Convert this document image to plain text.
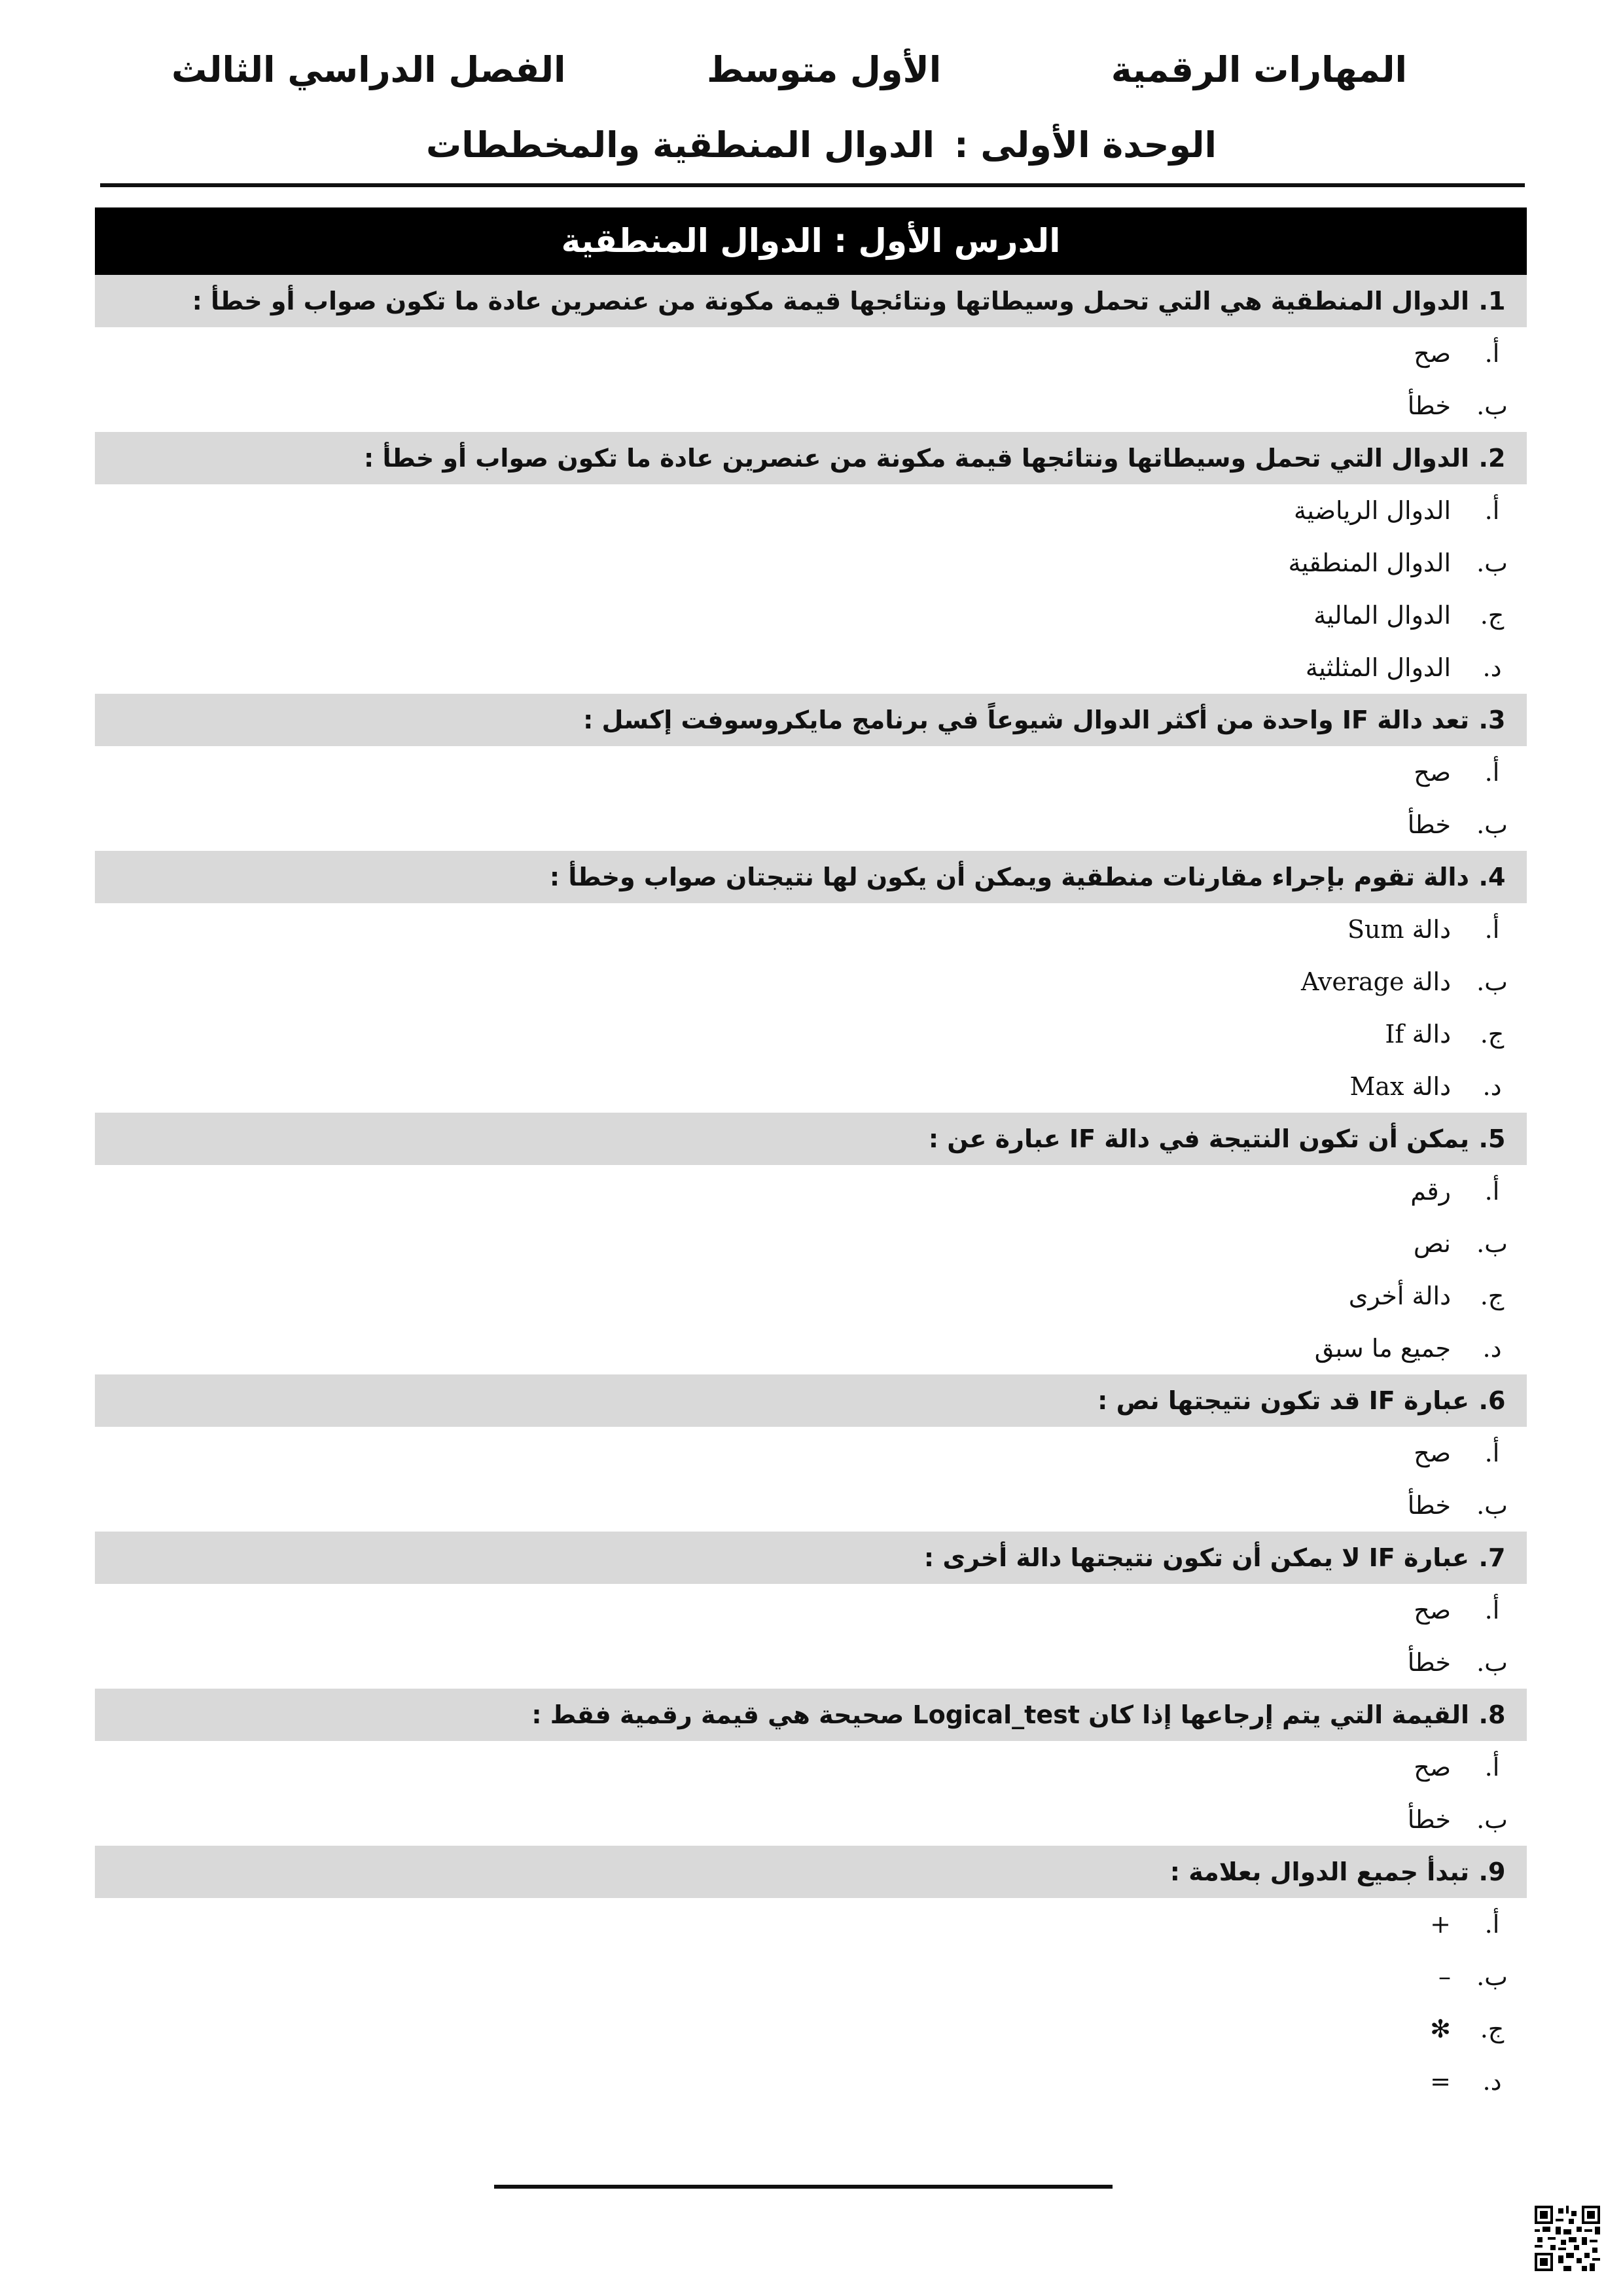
المهارات الرقمية
الأول متوسط
الفصل الدراسي الثالث
الوحدة الأولى :الدوال المنطقية والمخططات
الدرس الأول : الدوال المنطقية
1.
الدوال المنطقية هي التي تحمل وسيطاتها ونتائجها قيمة مكونة من عنصرين عادة ما تكون صواب أو خطأ :
أ.
صح
ب.
خطأ
2.
الدوال التي تحمل وسيطاتها ونتائجها قيمة مكونة من عنصرين عادة ما تكون صواب أو خطأ :
أ.
الدوال الرياضية
ب.
الدوال المنطقية
ج.
الدوال المالية
د.
الدوال المثلثية
3.
تعد دالة IF واحدة من أكثر الدوال شيوعاً في برنامج مايكروسوفت إكسل :
أ.
صح
ب.
خطأ
4.
دالة تقوم بإجراء مقارنات منطقية ويمكن أن يكون لها نتيجتان صواب وخطأ :
أ.
دالة Sum
ب.
دالة Average
ج.
دالة If
د.
دالة Max
5.
يمكن أن تكون النتيجة في دالة IF عبارة عن :
أ.
رقم
ب.
نص
ج.
دالة أخرى
د.
جميع ما سبق
6.
عبارة IF قد تكون نتيجتها نص :
أ.
صح
ب.
خطأ
7.
عبارة IF لا يمكن أن تكون نتيجتها دالة أخرى :
أ.
صح
ب.
خطأ
8.
القيمة التي يتم إرجاعها إذا كان Logical_test صحيحة هي قيمة رقمية فقط :
أ.
صح
ب.
خطأ
9.
تبدأ جميع الدوال بعلامة :
أ.
+
ب.
–
ج.
✻
د.
=
